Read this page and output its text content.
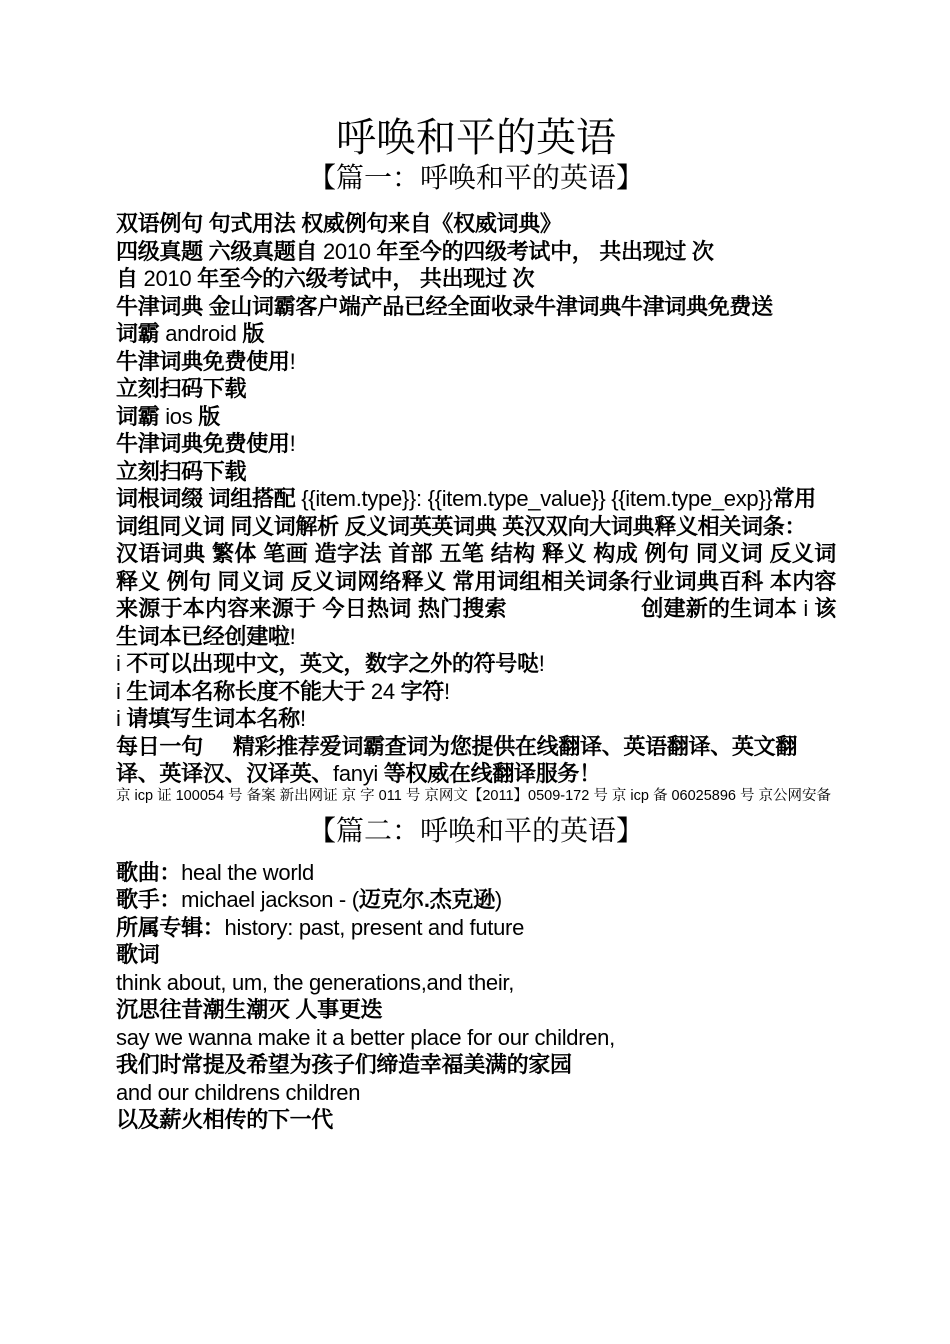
呼唤和平的英语
【篇一：呼唤和平的英语】
双语例句 句式用法 权威例句来自《权威词典》
四级真题 六级真题自 2010 年至今的四级考试中， 共出现过 次
自 2010 年至今的六级考试中， 共出现过 次
牛津词典 金山词霸客户端产品已经全面收录牛津词典牛津词典免费送
词霸 android 版
牛津词典免费使用!
立刻扫码下载
词霸 ios 版
牛津词典免费使用!
立刻扫码下载
词根词缀 词组搭配 {{item.type}}: {{item.type_value}} {{item.type_exp}}常用词组同义词 同义词解析 反义词英英词典 英汉双向大词典释义相关词条：
汉语词典 繁体 笔画 造字法 首部 五笔 结构 释义 构成 例句 同义词 反义词 释义 例句 同义词 反义词网络释义 常用词组相关词条行业词典百科 本内容来源于本内容来源于 今日热词 热门搜索	创建新的生词本 i 该生词本已经创建啦!
i 不可以出现中文，英文，数字之外的符号哒!
i 生词本名称长度不能大于 24 字符!
i 请填写生词本名称!
每日一句 精彩推荐爱词霸查词为您提供在线翻译、英语翻译、英文翻译、英译汉、汉译英、fanyi 等权威在线翻译服务！
京 icp 证 100054 号 备案 新出网证 京 字 011 号 京网文【2011】0509-172 号 京 icp 备 06025896 号 京公网安备
【篇二：呼唤和平的英语】
歌曲：heal the world
歌手：michael jackson - (迈克尔.杰克逊)
所属专辑：history: past, present and future
歌词
think about, um, the generations,and their,
沉思往昔潮生潮灭 人事更迭
say we wanna make it a better place for our children,
我们时常提及希望为孩子们缔造幸福美满的家园
and our childrens children
以及薪火相传的下一代
